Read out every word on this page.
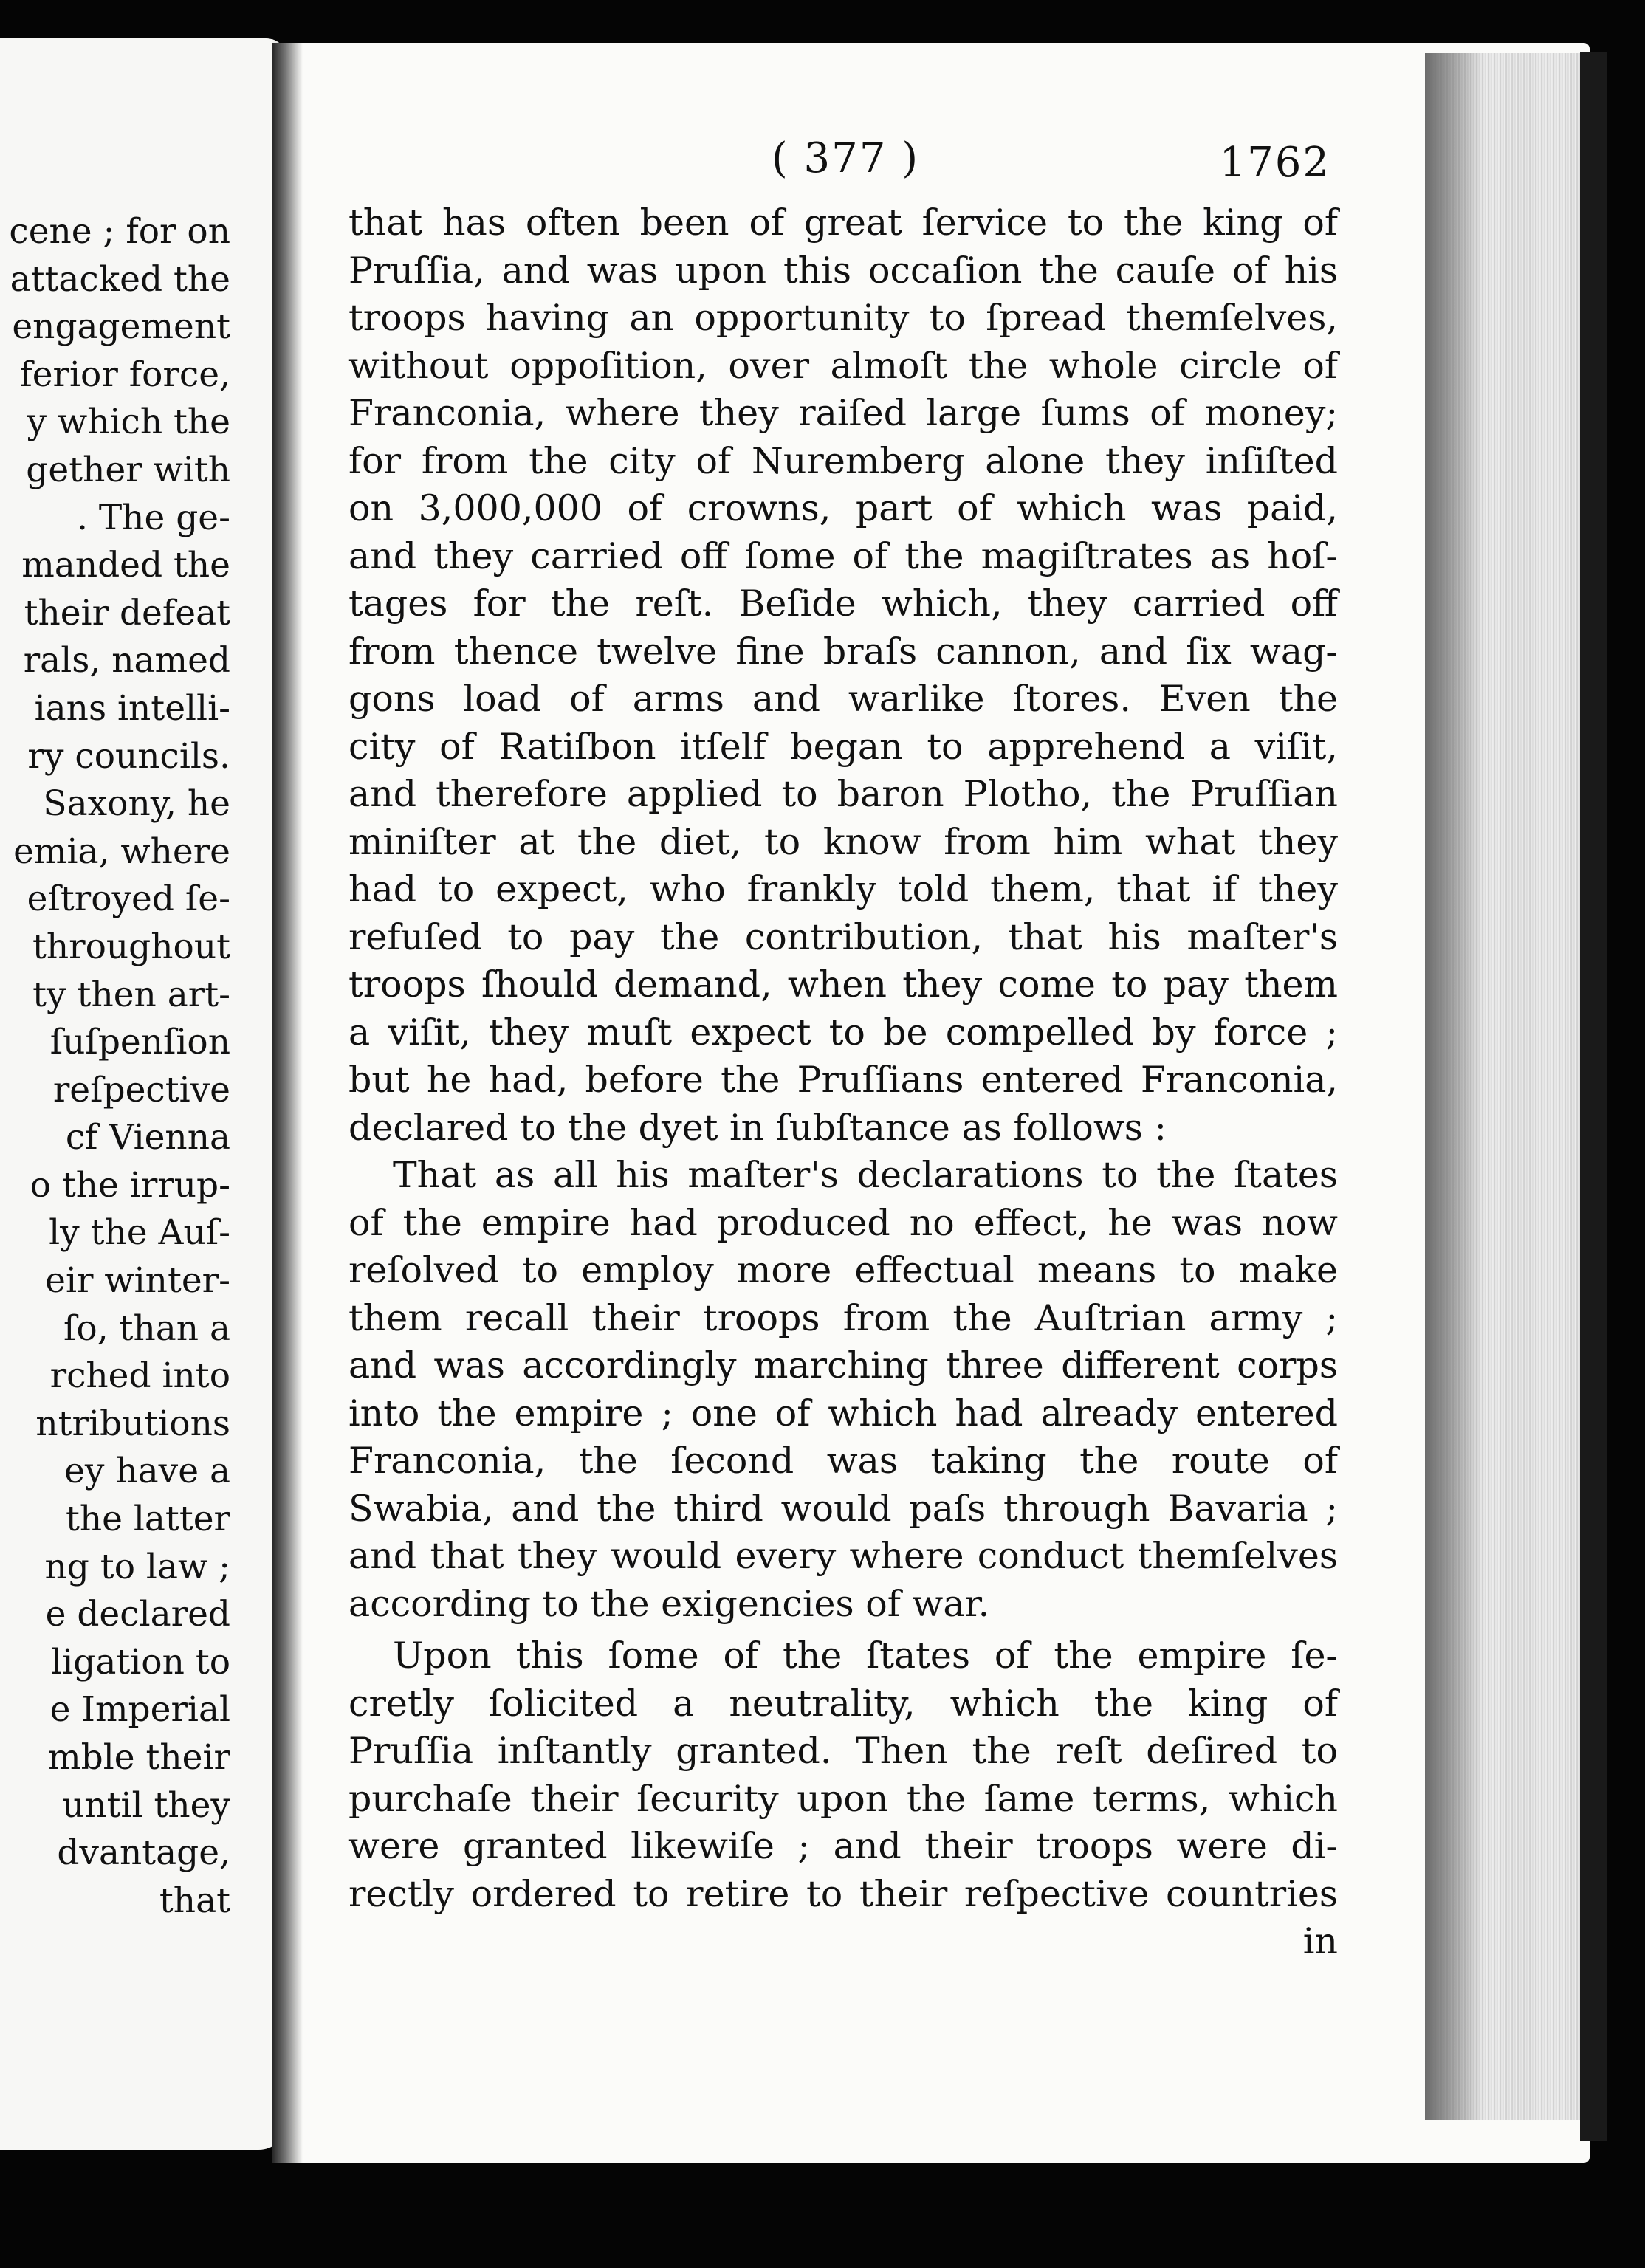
cene ; for on
attacked the
engagement
ferior force,
y which the
gether with
. The ge-
manded the
their defeat
rals, named
ians intelli-
ry councils.
Saxony, he
emia, where
eſtroyed ſe-
throughout
ty then art-
ſuſpenſion
reſpective
cf Vienna
o the irrup-
ly the Auſ-
eir winter-
ſo, than a
rched into
ntributions
ey have a
the latter
ng to law ;
e declared
ligation to
e Imperial
mble their
until they
dvantage,
that
( 377 )	1762
that has often been of great ſervice to the king of
Pruſſia, and was upon this occaſion the cauſe of his
troops having an opportunity to ſpread themſelves,
without oppoſition, over almoſt the whole circle of
Franconia, where they raiſed large ſums of money;
for from the city of Nuremberg alone they inſiſted
on 3,000,000 of crowns, part of which was paid,
and they carried off ſome of the magiſtrates as hoſ-
tages for the reſt. Beſide which, they carried off
from thence twelve fine braſs cannon, and ſix wag-
gons load of arms and warlike ſtores. Even the
city of Ratiſbon itſelf began to apprehend a viſit,
and therefore applied to baron Plotho, the Pruſſian
miniſter at the diet, to know from him what they
had to expect, who frankly told them, that if they
refuſed to pay the contribution, that his maſter's
troops ſhould demand, when they come to pay them
a viſit, they muſt expect to be compelled by force ;
but he had, before the Pruſſians entered Franconia,
declared to the dyet in ſubſtance as follows :
That as all his maſter's declarations to the ſtates
of the empire had produced no effect, he was now
reſolved to employ more effectual means to make
them recall their troops from the Auſtrian army ;
and was accordingly marching three different corps
into the empire ; one of which had already entered
Franconia, the ſecond was taking the route of
Swabia, and the third would paſs through Bavaria ;
and that they would every where conduct themſelves
according to the exigencies of war.
Upon this ſome of the ſtates of the empire ſe-
cretly ſolicited a neutrality, which the king of
Pruſſia inſtantly granted. Then the reſt deſired to
purchaſe their ſecurity upon the ſame terms, which
were granted likewiſe ; and their troops were di-
rectly ordered to retire to their reſpective countries
in
